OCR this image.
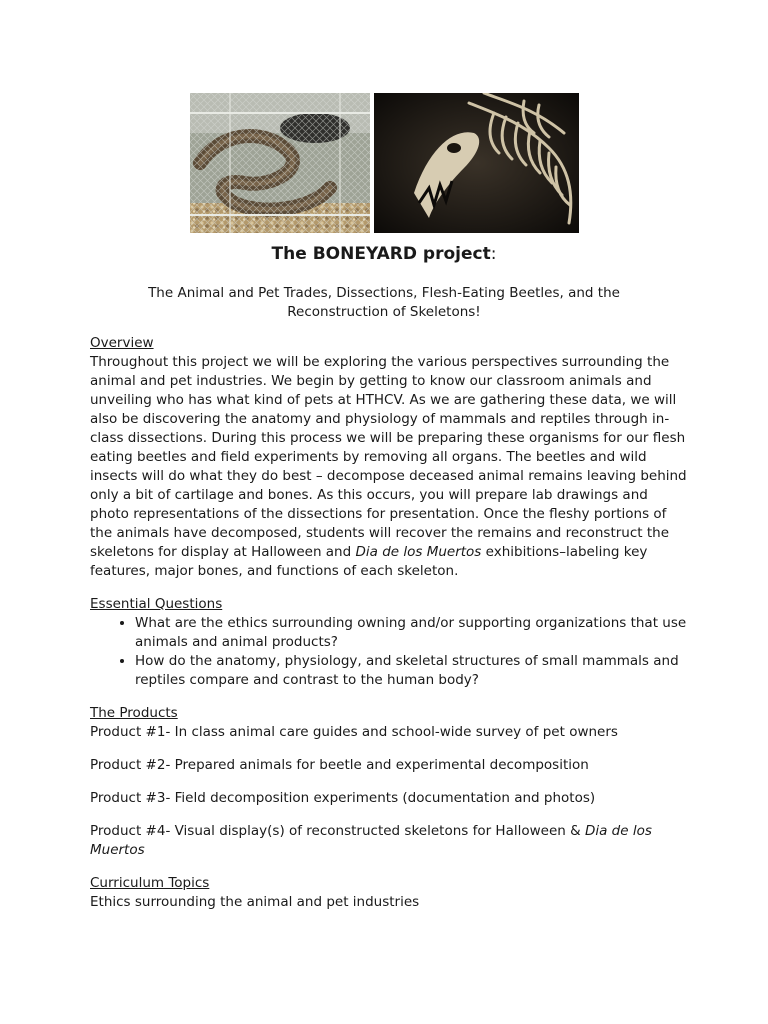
The BONEYARD project:
The Animal and Pet Trades, Dissections, Flesh-Eating Beetles, and the Reconstruction of Skeletons!

Overview

Throughout this project we will be exploring the various perspectives surrounding the animal and pet industries. We begin by getting to know our classroom animals and unveiling who has what kind of pets at HTHCV. As we are gathering these data, we will also be discovering the anatomy and physiology of mammals and reptiles through in-class dissections. During this process we will be preparing these organisms for our flesh eating beetles and field experiments by removing all organs. The beetles and wild insects will do what they do best – decompose deceased animal remains leaving behind only a bit of cartilage and bones. As this occurs, you will prepare lab drawings and photo representations of the dissections for presentation. Once the fleshy portions of the animals have decomposed, students will recover the remains and reconstruct the skeletons for display at Halloween and Dia de los Muertos exhibitions–labeling key features, major bones, and functions of each skeleton.

Essential Questions

• What are the ethics surrounding owning and/or supporting organizations that use animals and animal products?
• How do the anatomy, physiology, and skeletal structures of small mammals and reptiles compare and contrast to the human body?

The Products

Product #1- In class animal care guides and school-wide survey of pet owners

Product #2- Prepared animals for beetle and experimental decomposition

Product #3- Field decomposition experiments (documentation and photos)

Product #4- Visual display(s) of reconstructed skeletons for Halloween & Dia de los Muertos

Curriculum Topics

Ethics surrounding the animal and pet industries
